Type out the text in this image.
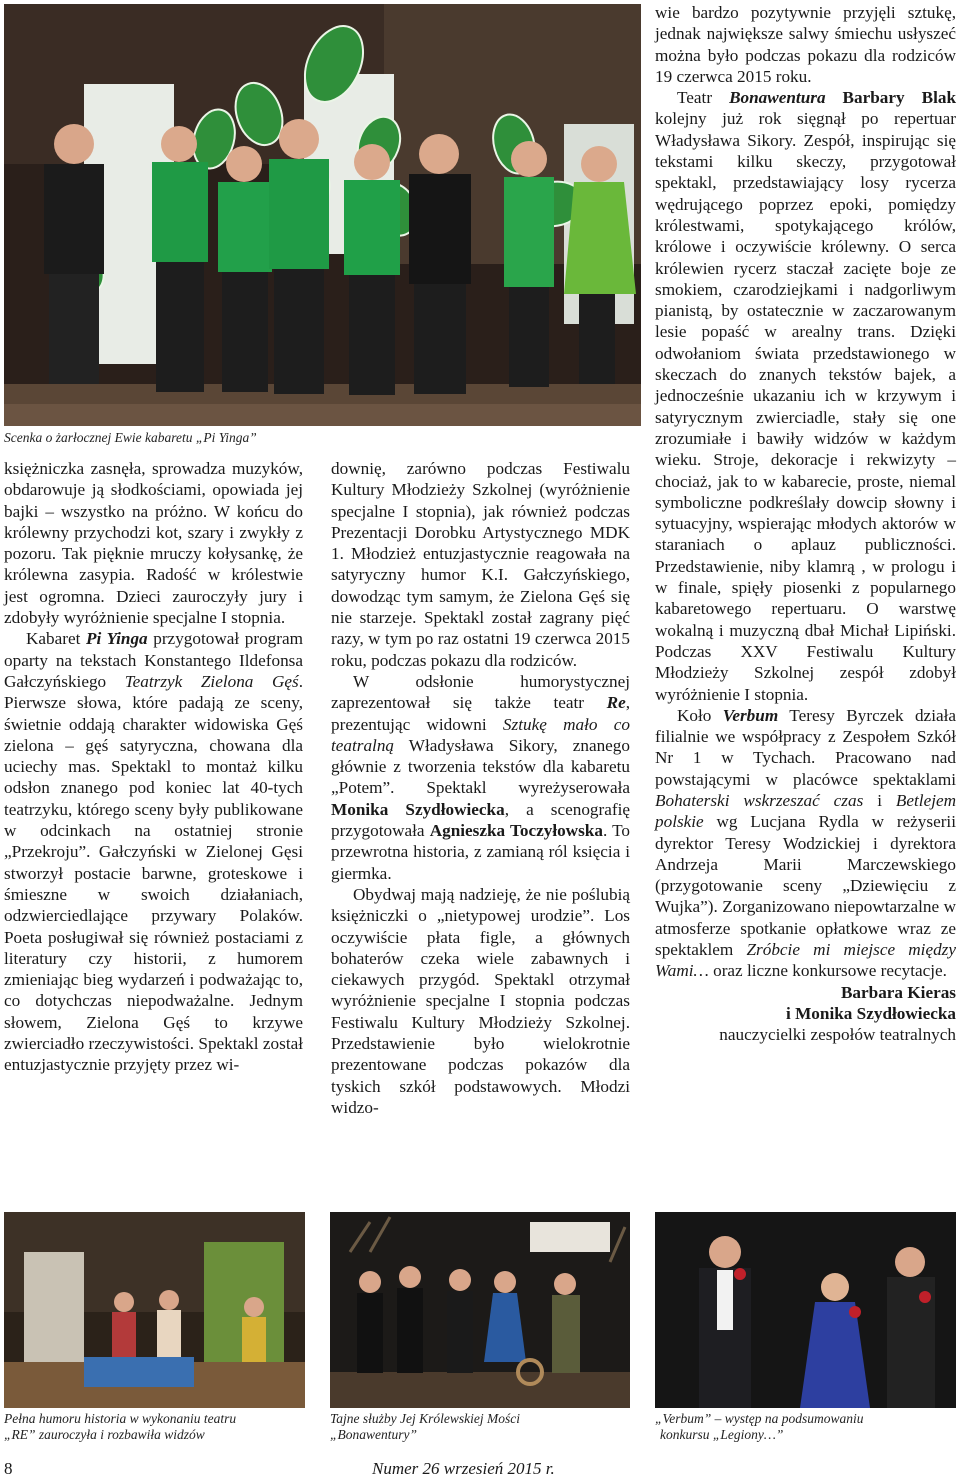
Scenka o żarłocznej Ewie kabaretu „Pi Yinga”

księżniczka zasnęła, sprowadza muzyków, obdarowuje ją słodkościami, opowiada jej bajki – wszystko na próżno. W końcu do królewny przychodzi kot, szary i zwykły z pozoru. Tak pięknie mruczy kołysankę, że królewna zasypia. Radość w królestwie jest ogromna. Dzieci zauroczyły jury i zdobyły wyróżnienie specjalne I stopnia.

Kabaret Pi Yinga przygotował program oparty na tekstach Konstantego Ildefonsa Gałczyńskiego Teatrzyk Zielona Gęś. Pierwsze słowa, które padają ze sceny, świetnie oddają charakter widowiska Gęś zielona – gęś satyryczna, chowana dla uciechy mas. Spektakl to montaż kilku odsłon znanego pod koniec lat 40-tych teatrzyku, którego sceny były publikowane w odcinkach na ostatniej stronie „Przekroju”. Gałczyński w Zielonej Gęsi stworzył postacie barwne, groteskowe i śmieszne w swoich działaniach, odzwierciedlające przywary Polaków. Poeta posługiwał się również postaciami z literatury czy historii, z humorem zmieniając bieg wydarzeń i podważając to, co dotychczas niepodważalne. Jednym słowem, Zielona Gęś to krzywe zwierciadło rzeczywistości. Spektakl został entuzjastycznie przyjęty przez wi-

downię, zarówno podczas Festiwalu Kultury Młodzieży Szkolnej (wyróżnienie specjalne I stopnia), jak również podczas Prezentacji Dorobku Artystycznego MDK 1. Młodzież entuzjastycznie reagowała na satyryczny humor K.I. Gałczyńskiego, dowodząc tym samym, że Zielona Gęś się nie starzeje. Spektakl został zagrany pięć razy, w tym po raz ostatni 19 czerwca 2015 roku, podczas pokazu dla rodziców.

W odsłonie humorystycznej zaprezentował się także teatr Re, prezentując widowni Sztukę mało co teatralną Władysława Sikory, znanego głównie z tworzenia tekstów dla kabaretu „Potem”. Spektakl wyreżyserowała Monika Szydłowiecka, a scenografię przygotowała Agnieszka Toczyłowska. To przewrotna historia, z zamianą ról księcia i giermka.

Obydwaj mają nadzieję, że nie poślubią księżniczki o „nietypowej urodzie”. Los oczywiście płata figle, a głównych bohaterów czeka wiele zabawnych i ciekawych przygód. Spektakl otrzymał wyróżnienie specjalne I stopnia podczas Festiwalu Kultury Młodzieży Szkolnej. Przedstawienie było wielokrotnie prezentowane podczas pokazów dla tyskich szkół podstawowych. Młodzi widzo-

wie bardzo pozytywnie przyjęli sztukę, jednak największe salwy śmiechu usłyszeć można było podczas pokazu dla rodziców 19 czerwca 2015 roku.

Teatr Bonawentura Barbary Blak kolejny już rok sięgnął po repertuar Władysława Sikory. Zespół, inspirując się tekstami kilku skeczy, przygotował spektakl, przedstawiający losy rycerza wędrującego poprzez epoki, pomiędzy królestwami, spotykającego królów, królowe i oczywiście królewny. O serca królewien rycerz staczał zacięte boje ze smokiem, czarodziejkami i nadgorliwym pianistą, by ostatecznie w zaczarowanym lesie popaść w arealny trans. Dzięki odwołaniom świata przedstawionego w skeczach do znanych tekstów bajek, a jednocześnie ukazaniu ich w krzywym i satyrycznym zwierciadle, stały się one zrozumiałe i bawiły widzów w każdym wieku. Stroje, dekoracje i rekwizyty – chociaż, jak to w kabarecie, proste, niemal symboliczne podkreślały dowcip słowny i sytuacyjny, wspierając młodych aktorów w staraniach o aplauz publiczności. Przedstawienie, niby klamrą , w prologu i w finale, spięły piosenki z popularnego kabaretowego repertuaru. O warstwę wokalną i muzyczną dbał Michał Lipiński. Podczas XXV Festiwalu Kultury Młodzieży Szkolnej zespół zdobył wyróżnienie I stopnia.

Koło Verbum Teresy Byrczek działa filialnie we współpracy z Zespołem Szkół Nr 1 w Tychach. Pracowano nad powstającymi w placówce spektaklami Bohaterski wskrzeszać czas i Betlejem polskie wg Lucjana Rydla w reżyserii dyrektor Teresy Wodzickiej i dyrektora Andrzeja Marii Marczewskiego (przygotowanie sceny „Dziewięciu z Wujka”). Zorganizowano niepowtarzalne w atmosferze spotkanie opłatkowe wraz ze spektaklem Zróbcie mi miejsce między Wami… oraz liczne konkursowe recytacje.

Barbara Kieras

i Monika Szydłowiecka

nauczycielki zespołów teatralnych

Pełna humoru historia w wykonaniu teatru
„RE” zauroczyła i rozbawiła widzów
Tajne służby Jej Królewskiej Mości
„Bonawentury”
„Verbum” – występ na podsumowaniu
konkursu „Legiony…”
8	Numer 26 wrzesień 2015 r.
